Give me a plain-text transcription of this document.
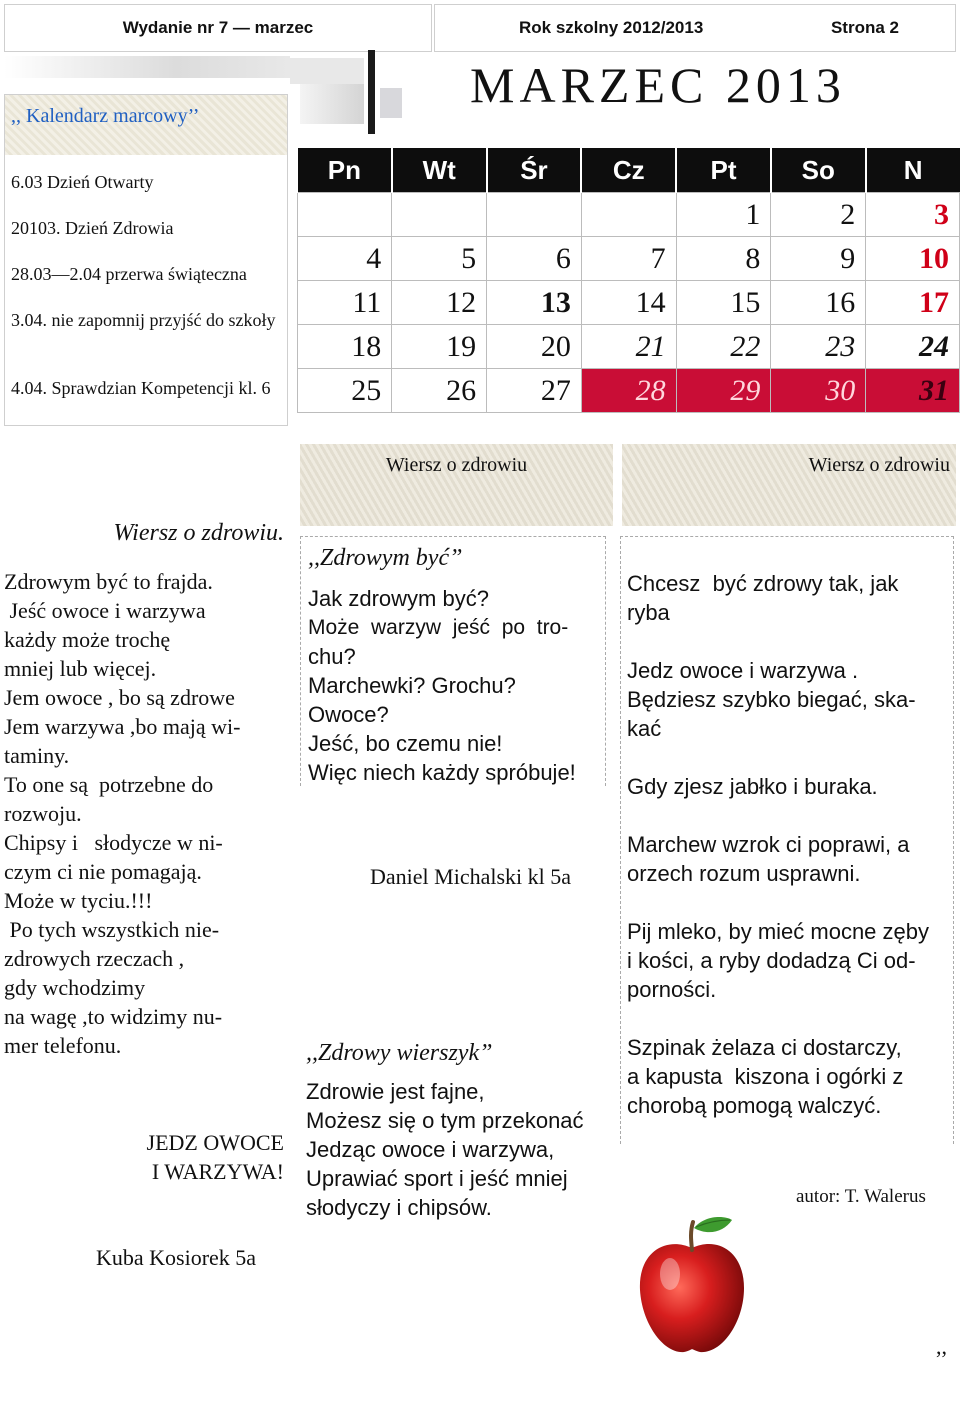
Wydanie nr 7 — marzec	Rok szkolny 2012/2013	Strona 2
MARZEC 2013
,, Kalendarz marcowy’’
6.03 Dzień Otwarty
20103. Dzień Zdrowia
28.03—2.04 przerwa świąteczna
3.04. nie zapomnij przyjść do szkoły
4.04. Sprawdzian Kompetencji kl. 6
Pn	Wt	Śr	Cz	Pt	So	N
				1	2	3
4	5	6	7	8	9	10
11	12	13	14	15	16	17
18	19	20	21	22	23	24
25	26	27	28	29	30	31
Wiersz o zdrowiu	Wiersz o zdrowiu
Wiersz o zdrowiu.
Zdrowym być to frajda.
Jeść owoce i warzywa
każdy może trochę
mniej lub więcej.
Jem owoce , bo są zdrowe
Jem warzywa ,bo mają wi-
taminy.
To one są  potrzebne do
rozwoju.
Chipsy i   słodycze w ni-
czym ci nie pomagają.
Może w tyciu.!!!
Po tych wszystkich nie-
zdrowych rzeczach ,
gdy wchodzimy
na wagę ,to widzimy nu-
mer telefonu.
JEDZ OWOCE
I WARZYWA!
Kuba Kosiorek 5a
,,Zdrowym być”
Jak zdrowym być?
Może  warzyw  jeść  po  tro-
chu?
Marchewki? Grochu?
Owoce?
Jeść, bo czemu nie!
Więc niech każdy spróbuje!
Daniel Michalski kl 5a
,,Zdrowy wierszyk”
Zdrowie jest fajne,
Możesz się o tym przekonać
Jedząc owoce i warzywa,
Uprawiać sport i jeść mniej
słodyczy i chipsów.

Chcesz  być zdrowy tak, jak
ryba

Jedz owoce i warzywa .
Będziesz szybko biegać, ska-
kać

Gdy zjesz jabłko i buraka.

Marchew wzrok ci poprawi, a
orzech rozum usprawni.

Pij mleko, by mieć mocne zęby
i kości, a ryby dodadzą Ci od-
porności.

Szpinak żelaza ci dostarczy,
a kapusta  kiszona i ogórki z
chorobą pomogą walczyć.

autor: T. Walerus
,,
